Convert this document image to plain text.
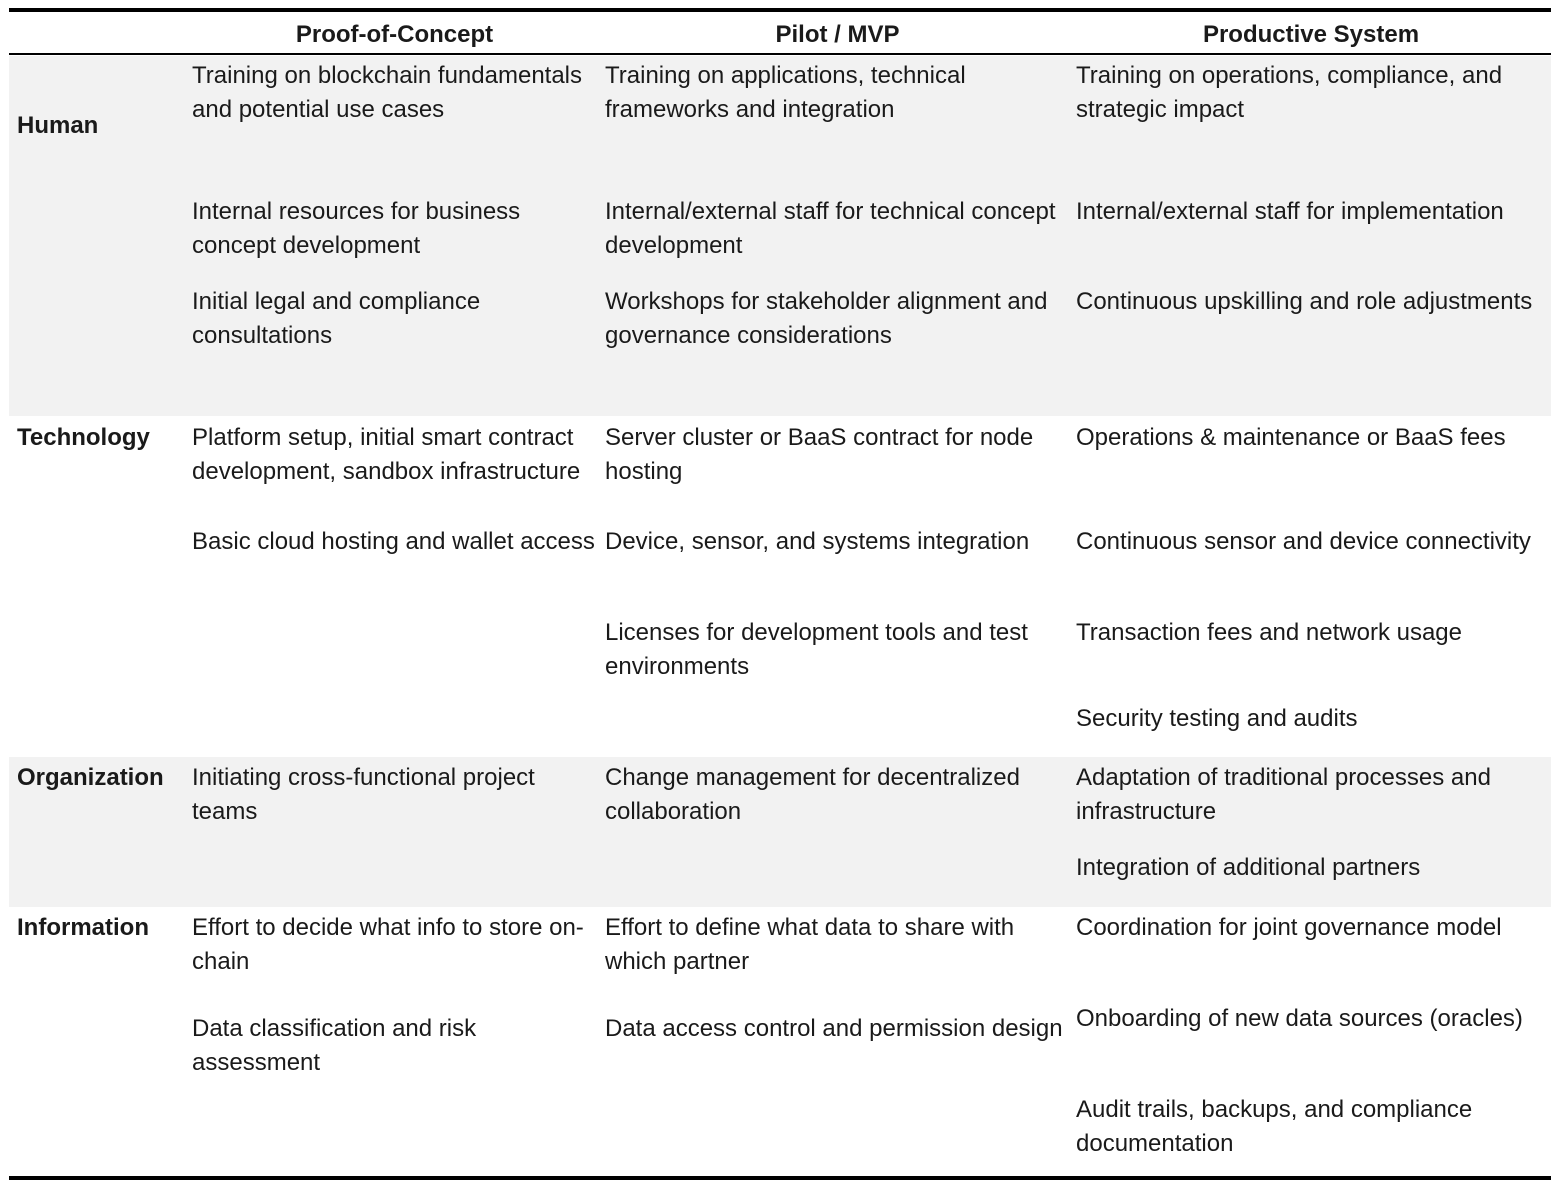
Proof-of-Concept	Pilot / MVP	Productive System
Human
Training on blockchain fundamentals and potential use cases
Internal resources for business concept development
Initial legal and compliance consultations
Training on applications, technical frameworks and integration
Internal/external staff for technical concept development
Workshops for stakeholder alignment and governance considerations
Training on operations, compliance, and strategic impact
Internal/external staff for implementation
Continuous upskilling and role adjustments
Technology Platform setup, initial smart contract development, sandbox infrastructure
Basic cloud hosting and wallet access
Server cluster or BaaS contract for node hosting
Device, sensor, and systems integration
Licenses for development tools and test environments
Operations & maintenance or BaaS fees
Continuous sensor and device connectivity
Transaction fees and network usage
Security testing and audits
Organization Initiating cross-functional project teams
Change management for decentralized collaboration
Adaptation of traditional processes and infrastructure
Integration of additional partners
Information Effort to decide what info to store on-chain
Data classification and risk assessment
Effort to define what data to share with which partner
Data access control and permission design
Coordination for joint governance model
Onboarding of new data sources (oracles)
Audit trails, backups, and compliance documentation
